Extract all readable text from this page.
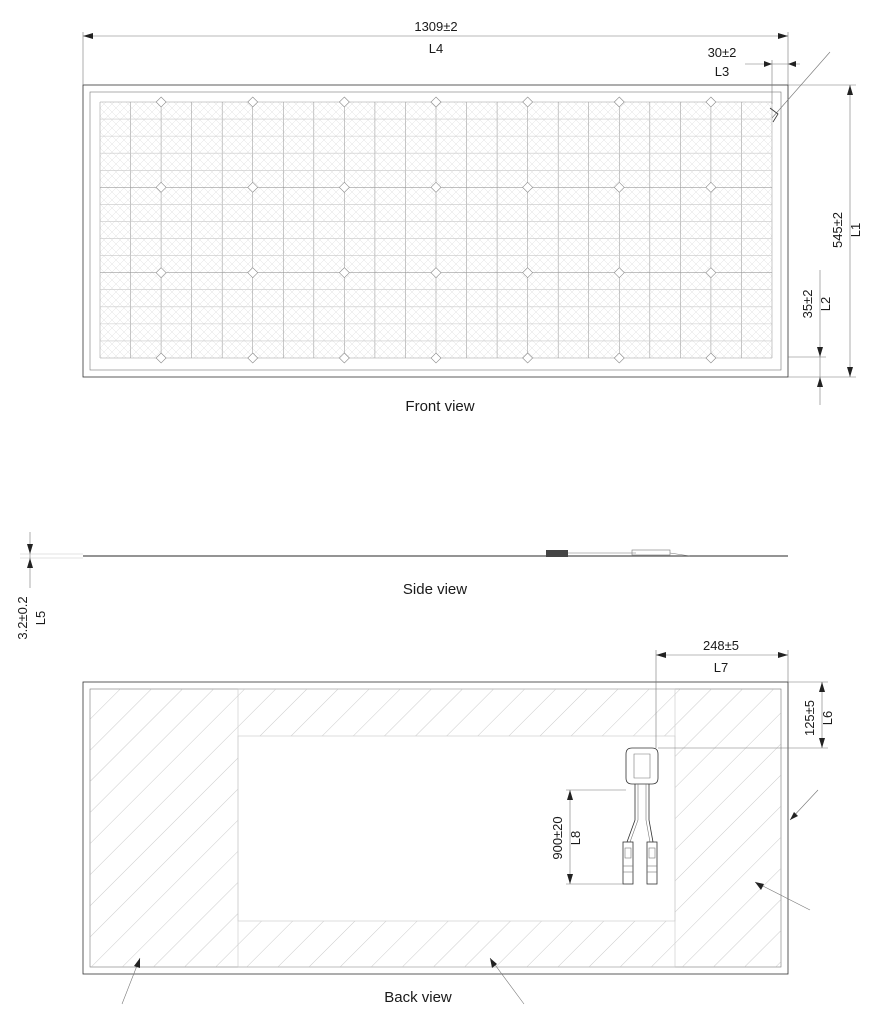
1309±2
L4	30±2
L3
545±2 L1
35±2 L2
Front view
3.2±0.2 L5
Side view
248±5
L7
125±5 L6
900±20 L8
Back view
